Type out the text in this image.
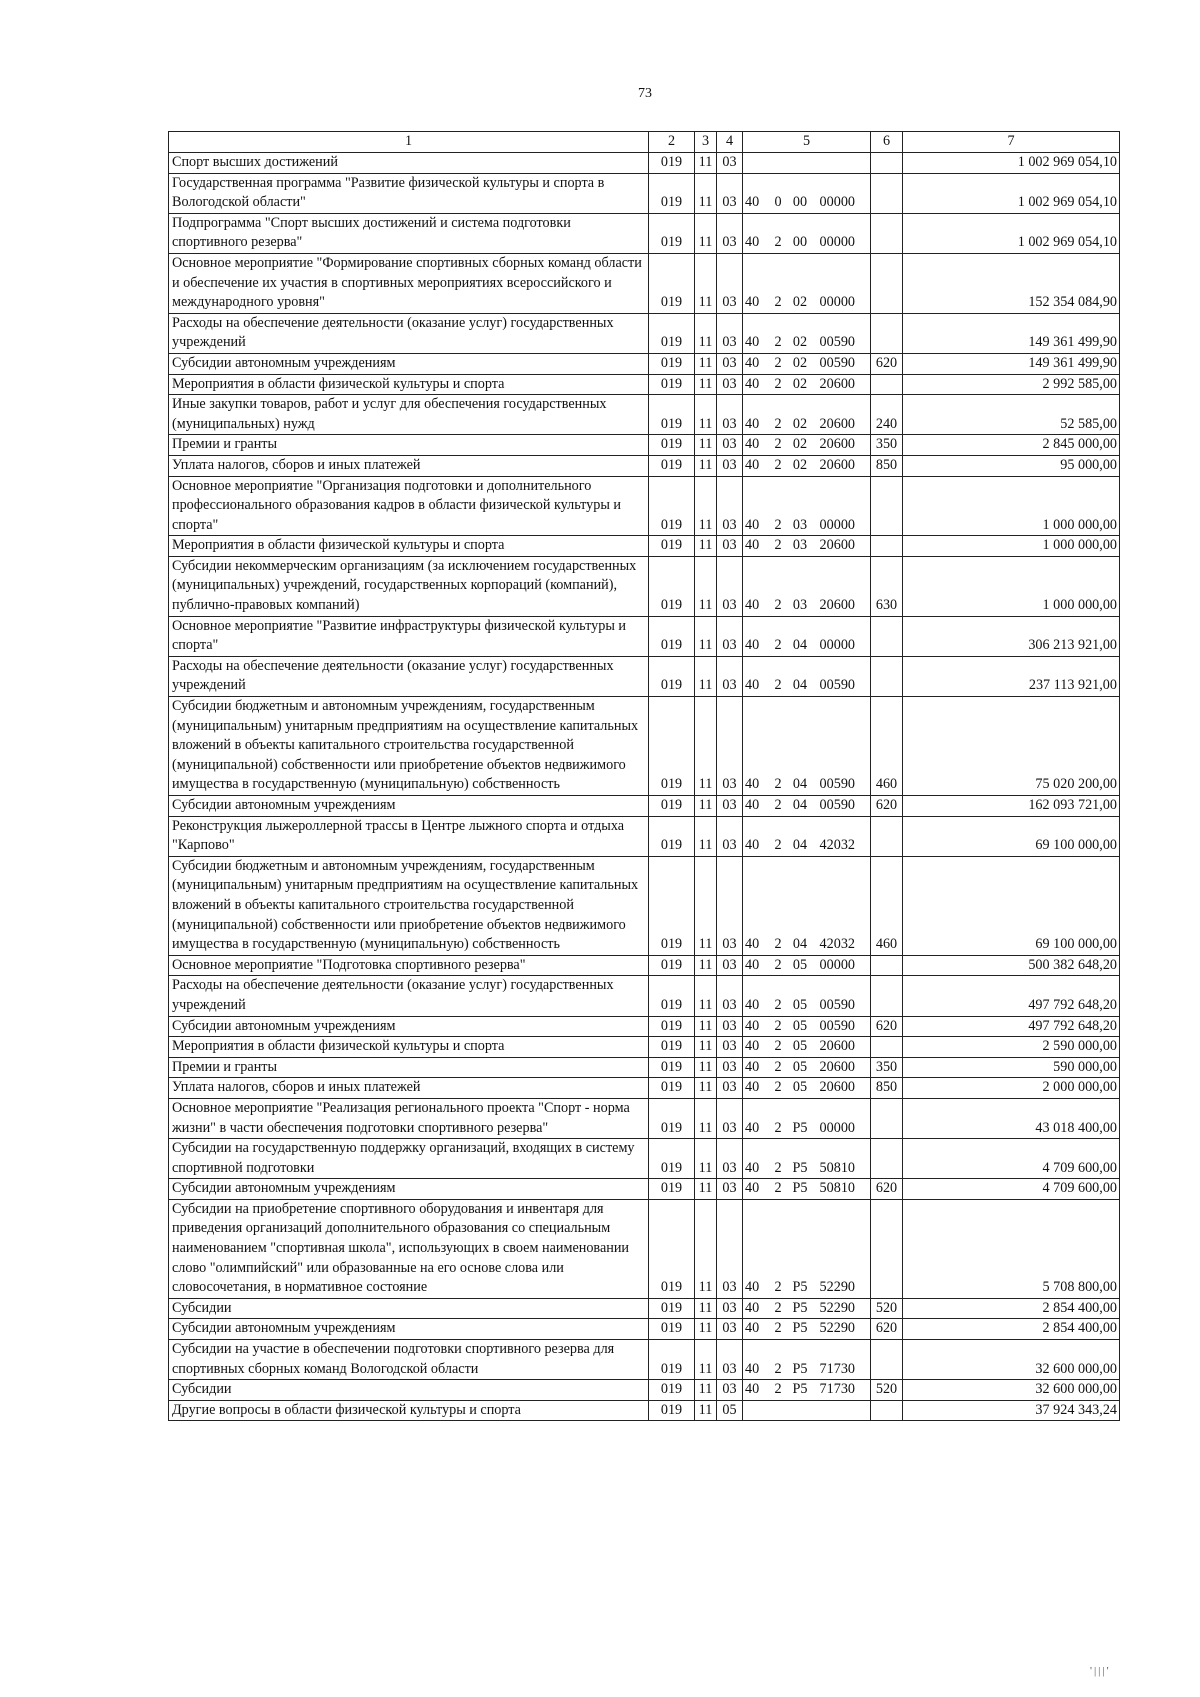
73
1	2	3	4	5	6	7
Спорт высших достижений	019	11	03			1 002 969 054,10
Государственная программа "Развитие физической культуры и спорта в Вологодской области"	019	11	03	40 0 00 00000		1 002 969 054,10
Подпрограмма "Спорт высших достижений и система подготовки спортивного резерва"	019	11	03	40 2 00 00000		1 002 969 054,10
Основное мероприятие "Формирование спортивных сборных команд области и обеспечение их участия в спортивных мероприятиях всероссийского и международного уровня"	019	11	03	40 2 02 00000		152 354 084,90
Расходы на обеспечение деятельности (оказание услуг) государственных учреждений	019	11	03	40 2 02 00590		149 361 499,90
Субсидии автономным учреждениям	019	11	03	40 2 02 00590	620	149 361 499,90
Мероприятия в области физической культуры и спорта	019	11	03	40 2 02 20600		2 992 585,00
Иные закупки товаров, работ и услуг для обеспечения государственных (муниципальных) нужд	019	11	03	40 2 02 20600	240	52 585,00
Премии и гранты	019	11	03	40 2 02 20600	350	2 845 000,00
Уплата налогов, сборов и иных платежей	019	11	03	40 2 02 20600	850	95 000,00
Основное мероприятие "Организация подготовки и дополнительного профессионального образования кадров в области физической культуры и спорта"	019	11	03	40 2 03 00000		1 000 000,00
Мероприятия в области физической культуры и спорта	019	11	03	40 2 03 20600		1 000 000,00
Субсидии некоммерческим организациям (за исключением государственных (муниципальных) учреждений, государственных корпораций (компаний), публично-правовых компаний)	019	11	03	40 2 03 20600	630	1 000 000,00
Основное мероприятие "Развитие инфраструктуры физической культуры и спорта"	019	11	03	40 2 04 00000		306 213 921,00
Расходы на обеспечение деятельности (оказание услуг) государственных учреждений	019	11	03	40 2 04 00590		237 113 921,00
Субсидии бюджетным и автономным учреждениям, государственным (муниципальным) унитарным предприятиям на осуществление капитальных вложений в объекты капитального строительства государственной (муниципальной) собственности или приобретение объектов недвижимого имущества в государственную (муниципальную) собственность	019	11	03	40 2 04 00590	460	75 020 200,00
Субсидии автономным учреждениям	019	11	03	40 2 04 00590	620	162 093 721,00
Реконструкция лыжероллерной трассы в Центре лыжного спорта и отдыха "Карпово"	019	11	03	40 2 04 42032		69 100 000,00
Субсидии бюджетным и автономным учреждениям, государственным (муниципальным) унитарным предприятиям на осуществление капитальных вложений в объекты капитального строительства государственной (муниципальной) собственности или приобретение объектов недвижимого имущества в государственную (муниципальную) собственность	019	11	03	40 2 04 42032	460	69 100 000,00
Основное мероприятие "Подготовка спортивного резерва"	019	11	03	40 2 05 00000		500 382 648,20
Расходы на обеспечение деятельности (оказание услуг) государственных учреждений	019	11	03	40 2 05 00590		497 792 648,20
Субсидии автономным учреждениям	019	11	03	40 2 05 00590	620	497 792 648,20
Мероприятия в области физической культуры и спорта	019	11	03	40 2 05 20600		2 590 000,00
Премии и гранты	019	11	03	40 2 05 20600	350	590 000,00
Уплата налогов, сборов и иных платежей	019	11	03	40 2 05 20600	850	2 000 000,00
Основное мероприятие "Реализация регионального проекта "Спорт - норма жизни" в части обеспечения подготовки спортивного резерва"	019	11	03	40 2 P5 00000		43 018 400,00
Субсидии на государственную поддержку организаций, входящих в систему спортивной подготовки	019	11	03	40 2 P5 50810		4 709 600,00
Субсидии автономным учреждениям	019	11	03	40 2 P5 50810	620	4 709 600,00
Субсидии на приобретение спортивного оборудования и инвентаря для приведения организаций дополнительного образования со специальным наименованием "спортивная школа", использующих в своем наименовании слово "олимпийский" или образованные на его основе слова или словосочетания, в нормативное состояние	019	11	03	40 2 P5 52290		5 708 800,00
Субсидии	019	11	03	40 2 P5 52290	520	2 854 400,00
Субсидии автономным учреждениям	019	11	03	40 2 P5 52290	620	2 854 400,00
Субсидии на участие в обеспечении подготовки спортивного резерва для спортивных сборных команд Вологодской области	019	11	03	40 2 P5 71730		32 600 000,00
Субсидии	019	11	03	40 2 P5 71730	520	32 600 000,00
Другие вопросы в области физической культуры и спорта	019	11	05			37 924 343,24
'|||'
